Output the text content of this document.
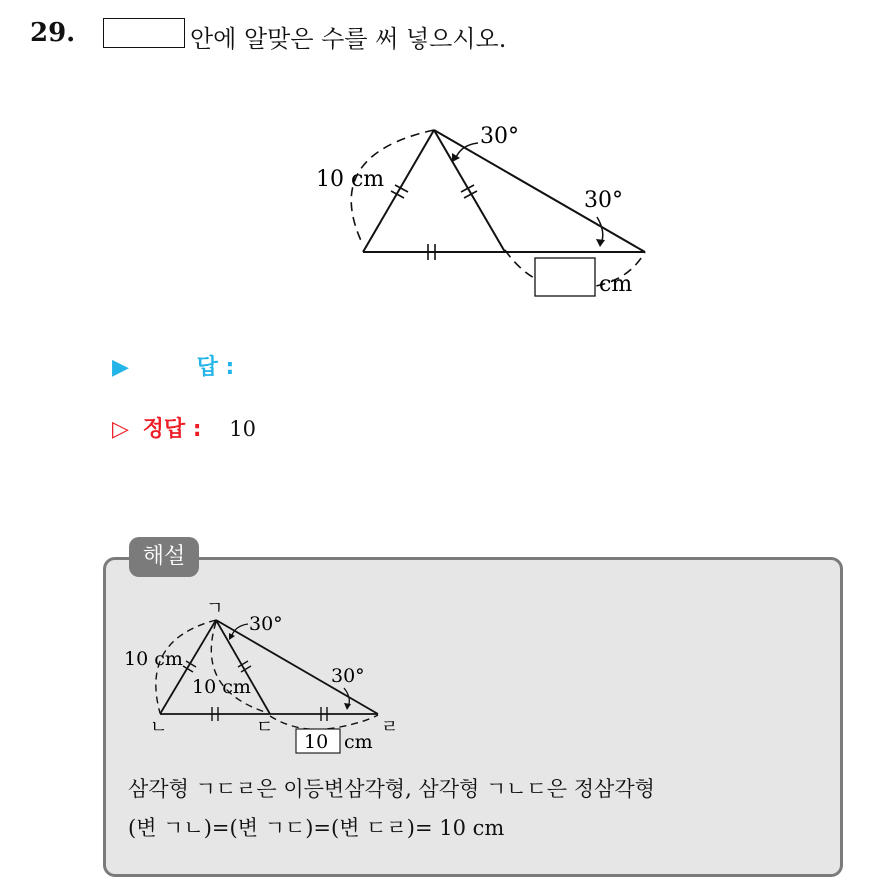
29.	안에 알맞은 수를 써 넣으시오.
10 cm
30°
30°
cm
▶	답 :
▷ 정답 : 10
해설
ㄱ
ㄴ	ㄷ	ㄹ
30°
30°
10 cm
10 cm
10 cm
삼각형 ㄱㄷㄹ은 이등변삼각형, 삼각형 ㄱㄴㄷ은 정삼각형
(변 ㄱㄴ)=(변 ㄱㄷ)=(변 ㄷㄹ)= 10 cm
